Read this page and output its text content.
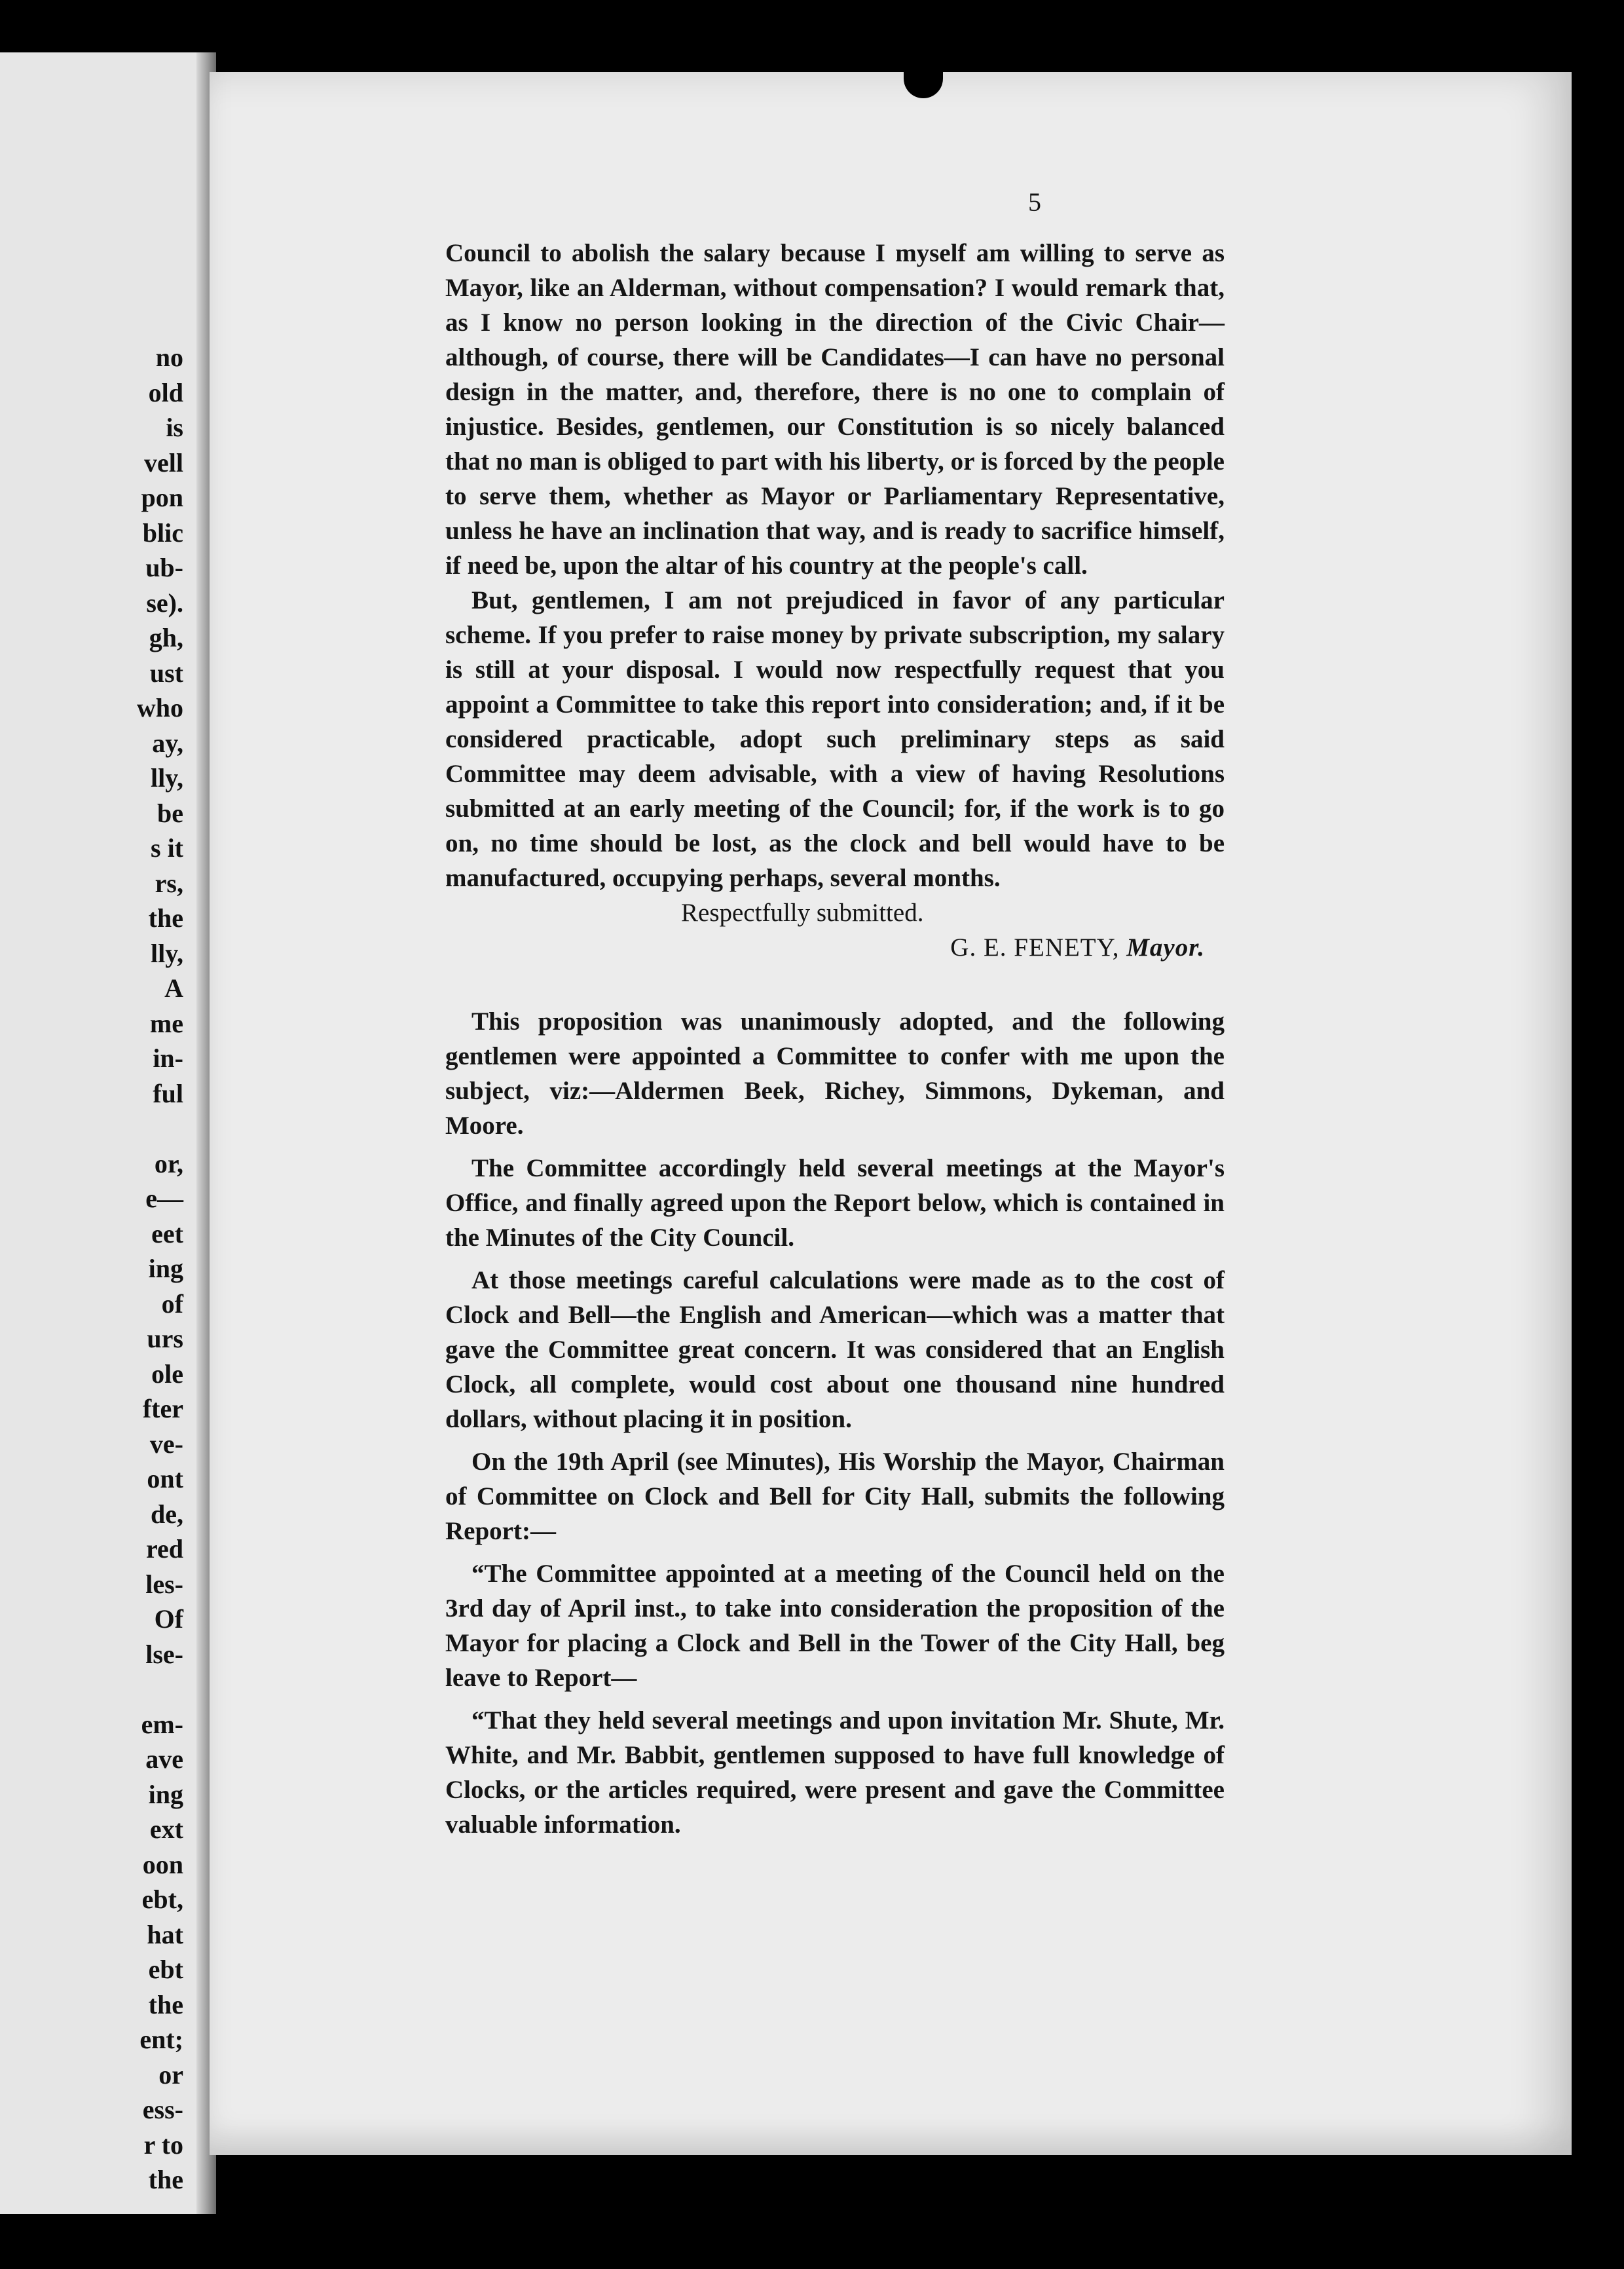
no
old
is
vell
pon
blic
ub-
se).
gh,
ust
who
ay,
lly,
be
s it
rs,
the
lly,
A
me
in-
ful
or,
e—
eet
ing
of
urs
ole
fter
ve-
ont
de,
red
les-
Of
lse-
em-
ave
ing
ext
oon
ebt,
hat
ebt
the
ent;
or
ess-
r to
the
5

Council to abolish the salary because I myself am willing to serve as Mayor, like an Alderman, without compensation? I would remark that, as I know no person looking in the direction of the Civic Chair—although, of course, there will be Candidates—I can have no personal design in the matter, and, therefore, there is no one to complain of injustice. Besides, gentlemen, our Constitution is so nicely balanced that no man is obliged to part with his liberty, or is forced by the people to serve them, whether as Mayor or Parliamentary Representative, unless he have an inclination that way, and is ready to sacrifice himself, if need be, upon the altar of his country at the people's call.

But, gentlemen, I am not prejudiced in favor of any particular scheme. If you prefer to raise money by private subscription, my salary is still at your disposal. I would now respectfully request that you appoint a Committee to take this report into consideration; and, if it be considered practicable, adopt such preliminary steps as said Committee may deem advisable, with a view of having Resolutions submitted at an early meeting of the Council; for, if the work is to go on, no time should be lost, as the clock and bell would have to be manufactured, occupying perhaps, several months.

Respectfully submitted.

G. E. FENETY, Mayor.

This proposition was unanimously adopted, and the following gentlemen were appointed a Committee to confer with me upon the subject, viz:—Aldermen Beek, Richey, Simmons, Dykeman, and Moore.

The Committee accordingly held several meetings at the Mayor's Office, and finally agreed upon the Report below, which is contained in the Minutes of the City Council.

At those meetings careful calculations were made as to the cost of Clock and Bell—the English and American—which was a matter that gave the Committee great concern. It was considered that an English Clock, all complete, would cost about one thousand nine hundred dollars, without placing it in position.

On the 19th April (see Minutes), His Worship the Mayor, Chairman of Committee on Clock and Bell for City Hall, submits the following Report:—

“The Committee appointed at a meeting of the Council held on the 3rd day of April inst., to take into consideration the proposition of the Mayor for placing a Clock and Bell in the Tower of the City Hall, beg leave to Report—

“That they held several meetings and upon invitation Mr. Shute, Mr. White, and Mr. Babbit, gentlemen supposed to have full knowledge of Clocks, or the articles required, were present and gave the Committee valuable information.
